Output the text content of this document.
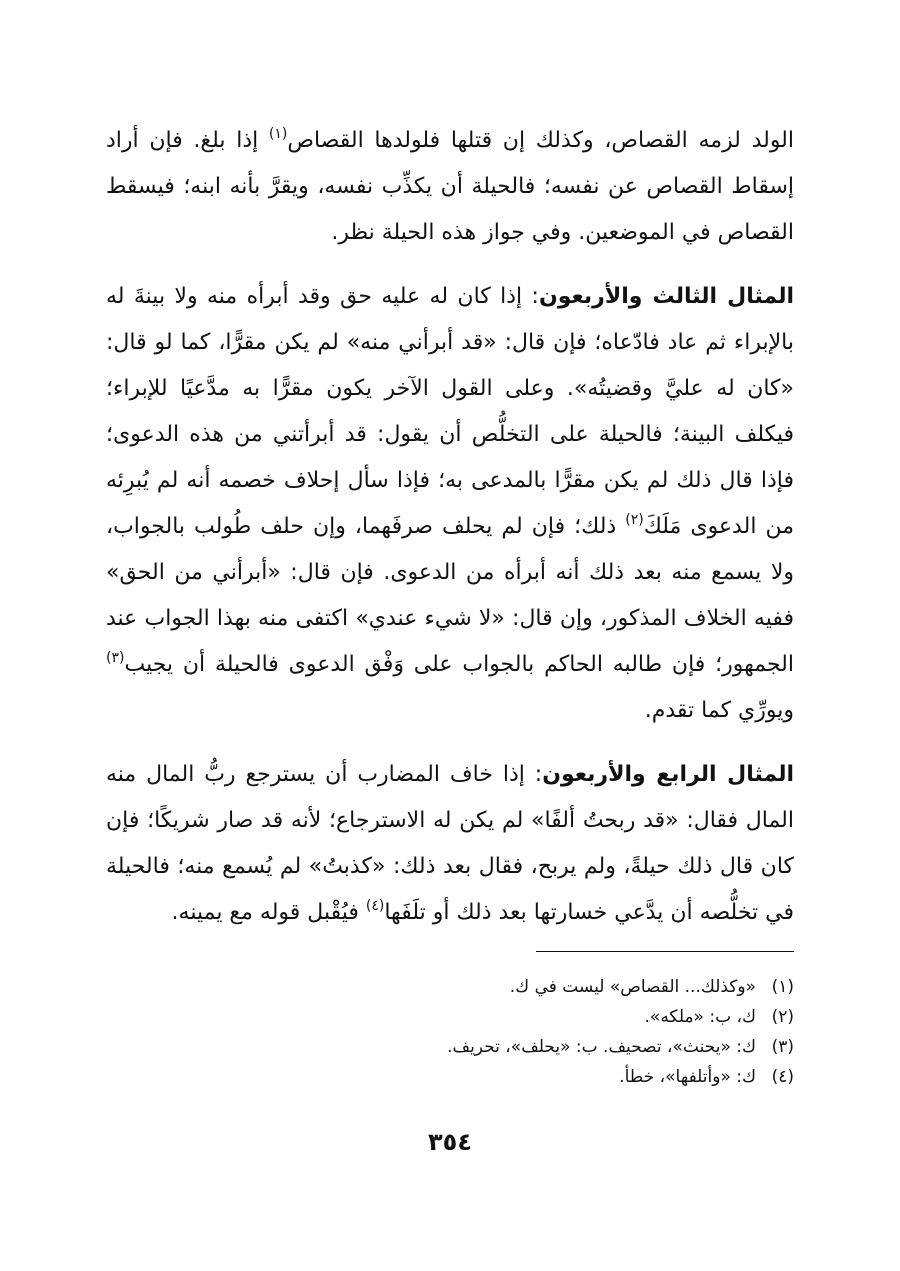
الولد لزمه القصاص، وكذلك إن قتلها فلولدها القصاص$^{(١)}$ إذا بلغ. فإن أراد إسقاط القصاص عن نفسه؛ فالحيلة أن يكذِّب نفسه، ويقرَّ بأنه ابنه؛ فيسقط القصاص في الموضعين. وفي جواز هذه الحيلة نظر.

المثال الثالث والأربعون: إذا كان له عليه حق وقد أبرأه منه ولا بينةَ له بالإبراء ثم عاد فادّعاه؛ فإن قال: «قد أبرأني منه» لم يكن مقرًّا، كما لو قال: «كان له عليَّ وقضيتُه». وعلى القول الآخر يكون مقرًّا به مدَّعيًا للإبراء؛ فيكلف البينة؛ فالحيلة على التخلُّص أن يقول: قد أبرأتني من هذه الدعوى؛ فإذا قال ذلك لم يكن مقرًّا بالمدعى به؛ فإذا سأل إحلاف خصمه أنه لم يُبرِئه من الدعوى مَلَكَ$^{(٢)}$ ذلك؛ فإن لم يحلف صرفَهما، وإن حلف طُولب بالجواب، ولا يسمع منه بعد ذلك أنه أبرأه من الدعوى. فإن قال: «أبرأني من الحق» ففيه الخلاف المذكور، وإن قال: «لا شيء عندي» اكتفى منه بهذا الجواب عند الجمهور؛ فإن طالبه الحاكم بالجواب على وَفْق الدعوى فالحيلة أن يجيب$^{(٣)}$ ويورِّي كما تقدم.

المثال الرابع والأربعون: إذا خاف المضارب أن يسترجع ربُّ المال منه المال فقال: «قد ربحتُ ألفًا» لم يكن له الاسترجاع؛ لأنه قد صار شريكًا؛ فإن كان قال ذلك حيلةً، ولم يربح، فقال بعد ذلك: «كذبتُ» لم يُسمع منه؛ فالحيلة في تخلُّصه أن يدَّعي خسارتها بعد ذلك أو تلَفَها$^{(٤)}$ فيُقْبل قوله مع يمينه.

(١)«وكذلك... القصاص» ليست في ك.
(٢)ك، ب: «ملكه».
(٣)ك: «يحنث»، تصحيف. ب: «يحلف»، تحريف.
(٤)ك: «وأتلفها»، خطأ.
٣٥٤
